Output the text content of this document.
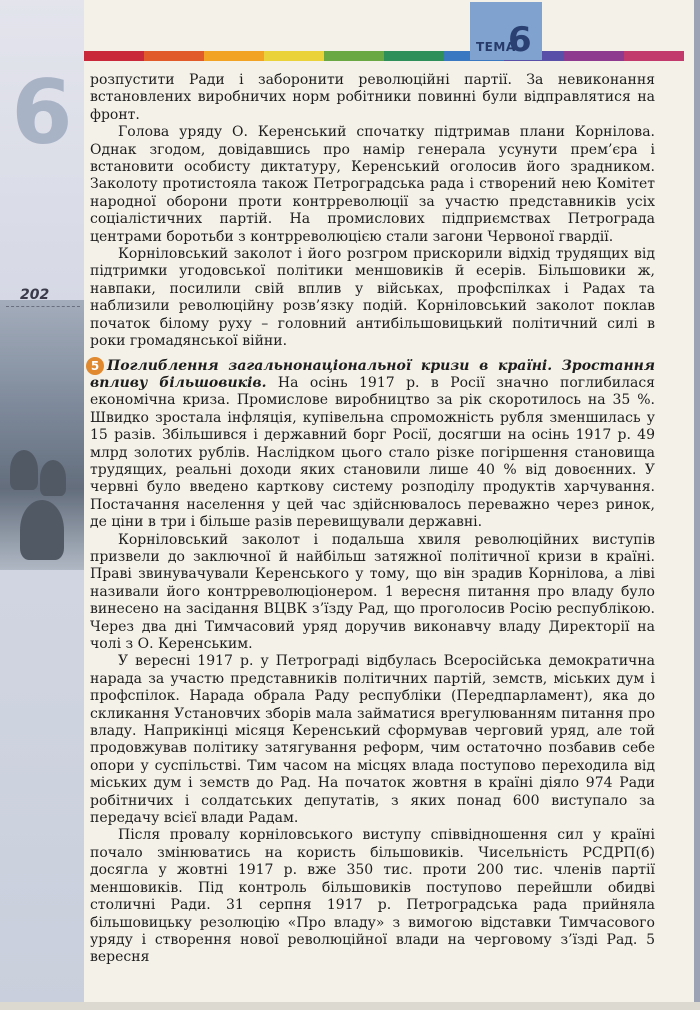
6
202
ТЕМА
6

розпустити Ради і заборонити революційні партії. За невиконання встановлених виробничих норм робітники повинні були відправлятися на фронт.

Голова уряду О. Керенський спочатку підтримав плани Корнілова. Однак згодом, довідавшись про намір генерала усунути прем’єра і встановити особисту диктатуру, Керенський оголосив його зрадником. Заколоту протистояла також Петроградська рада і створений нею Комітет народної оборони проти контрреволюції за участю представників усіх соціалістичних партій. На промислових підприємствах Петрограда центрами боротьби з контрреволюцією стали загони Червоної гвардії.

Корніловський заколот і його розгром прискорили відхід трудящих від підтримки угодовської політики меншовиків й есерів. Більшовики ж, навпаки, посилили свій вплив у військах, профспілках і Радах та наблизили революційну розв’язку подій. Корніловський заколот поклав початок білому руху – головний антибільшовицький політичний силі в роки громадянської війни.

5 Поглиблення загальнонаціональної кризи в країні. Зростання впливу більшовиків. На осінь 1917 р. в Росії значно поглибилася економічна криза. Промислове виробництво за рік скоротилось на 35 %. Швидко зростала інфляція, купівельна спроможність рубля зменшилась у 15 разів. Збільшився і державний борг Росії, досягши на осінь 1917 р. 49 млрд золотих рублів. Наслідком цього стало різке погіршення становища трудящих, реальні доходи яких становили лише 40 % від довоєнних. У червні було введено карткову систему розподілу продуктів харчування. Постачання населення у цей час здійснювалось переважно через ринок, де ціни в три і більше разів перевищували державні.

Корніловський заколот і подальша хвиля революційних виступів призвели до заключної й найбільш затяжної політичної кризи в країні. Праві звинувачували Керенського у тому, що він зрадив Корнілова, а ліві називали його контрреволюціонером. 1 вересня питання про владу було винесено на засідання ВЦВК з’їзду Рад, що проголосив Росію республікою. Через два дні Тимчасовий уряд доручив виконавчу владу Директорії на чолі з О. Керенським.

У вересні 1917 р. у Петрограді відбулась Всеросійська демократична нарада за участю представників політичних партій, земств, міських дум і профспілок. Нарада обрала Раду республіки (Передпарламент), яка до скликання Установчих зборів мала займатися врегулюванням питання про владу. Наприкінці місяця Керенський сформував черговий уряд, але той продовжував політику затягування реформ, чим остаточно позбавив себе опори у суспільстві. Тим часом на місцях влада поступово переходила від міських дум і земств до Рад. На початок жовтня в країні діяло 974 Ради робітничих і солдатських депутатів, з яких понад 600 виступало за передачу всієї влади Радам.

Після провалу корніловського виступу співвідношення сил у країні почало змінюватись на користь більшовиків. Чисельність РСДРП(б) досягла у жовтні 1917 р. вже 350 тис. проти 200 тис. членів партії меншовиків. Під контроль більшовиків поступово перейшли обидві столичні Ради. 31 серпня 1917 р. Петроградська рада прийняла більшовицьку резолюцію «Про владу» з вимогою відставки Тимчасового уряду і створення нової революційної влади на черговому з’їзді Рад. 5 вересня
